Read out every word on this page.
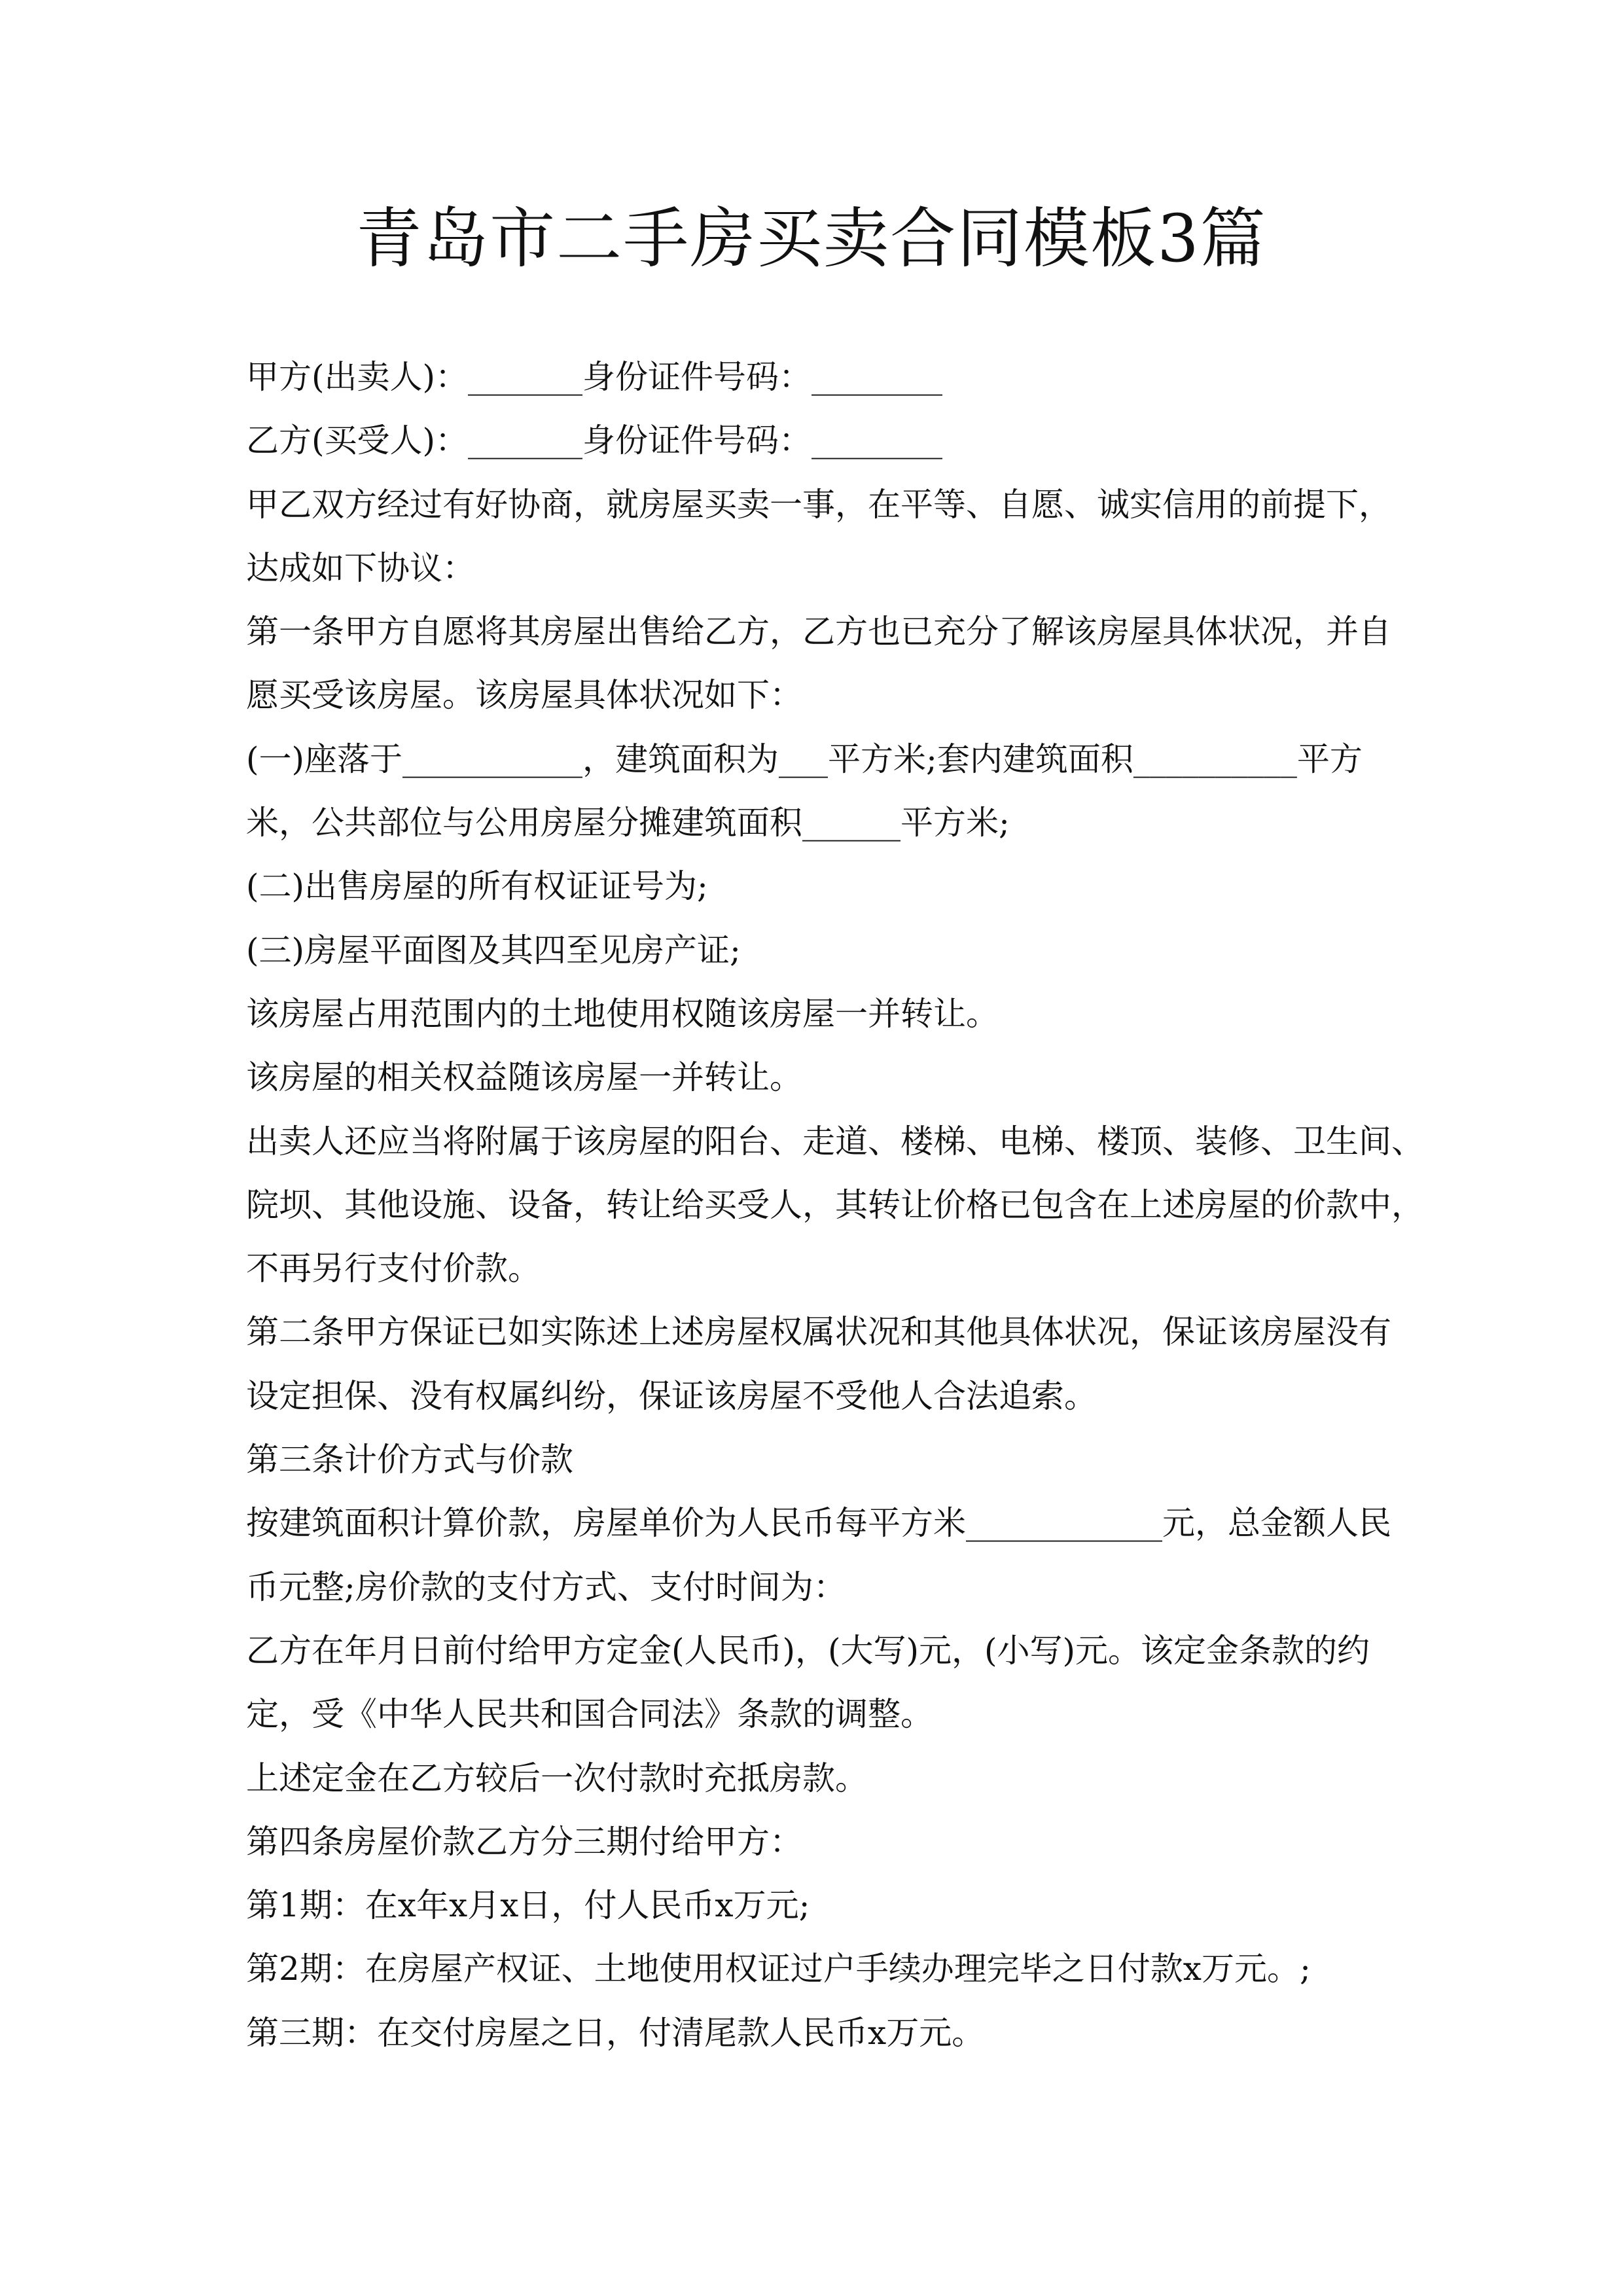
青岛市二手房买卖合同模板3篇
甲方(出卖人)：_______身份证件号码：________
乙方(买受人)：_______身份证件号码：________
甲乙双方经过有好协商，就房屋买卖一事，在平等、自愿、诚实信用的前提下，
达成如下协议：
第一条甲方自愿将其房屋出售给乙方，乙方也已充分了解该房屋具体状况，并自
愿买受该房屋。该房屋具体状况如下：
(一)座落于___________，建筑面积为___平方米;套内建筑面积__________平方
米，公共部位与公用房屋分摊建筑面积______平方米;
(二)出售房屋的所有权证证号为;
(三)房屋平面图及其四至见房产证;
该房屋占用范围内的土地使用权随该房屋一并转让。
该房屋的相关权益随该房屋一并转让。
出卖人还应当将附属于该房屋的阳台、走道、楼梯、电梯、楼顶、装修、卫生间、
院坝、其他设施、设备，转让给买受人，其转让价格已包含在上述房屋的价款中，
不再另行支付价款。
第二条甲方保证已如实陈述上述房屋权属状况和其他具体状况，保证该房屋没有
设定担保、没有权属纠纷，保证该房屋不受他人合法追索。
第三条计价方式与价款
按建筑面积计算价款，房屋单价为人民币每平方米____________元，总金额人民
币元整;房价款的支付方式、支付时间为：
乙方在年月日前付给甲方定金(人民币)，(大写)元，(小写)元。该定金条款的约
定，受《中华人民共和国合同法》条款的调整。
上述定金在乙方较后一次付款时充抵房款。
第四条房屋价款乙方分三期付给甲方：
第1期：在x年x月x日，付人民币x万元;
第2期：在房屋产权证、土地使用权证过户手续办理完毕之日付款x万元。;
第三期：在交付房屋之日，付清尾款人民币x万元。
